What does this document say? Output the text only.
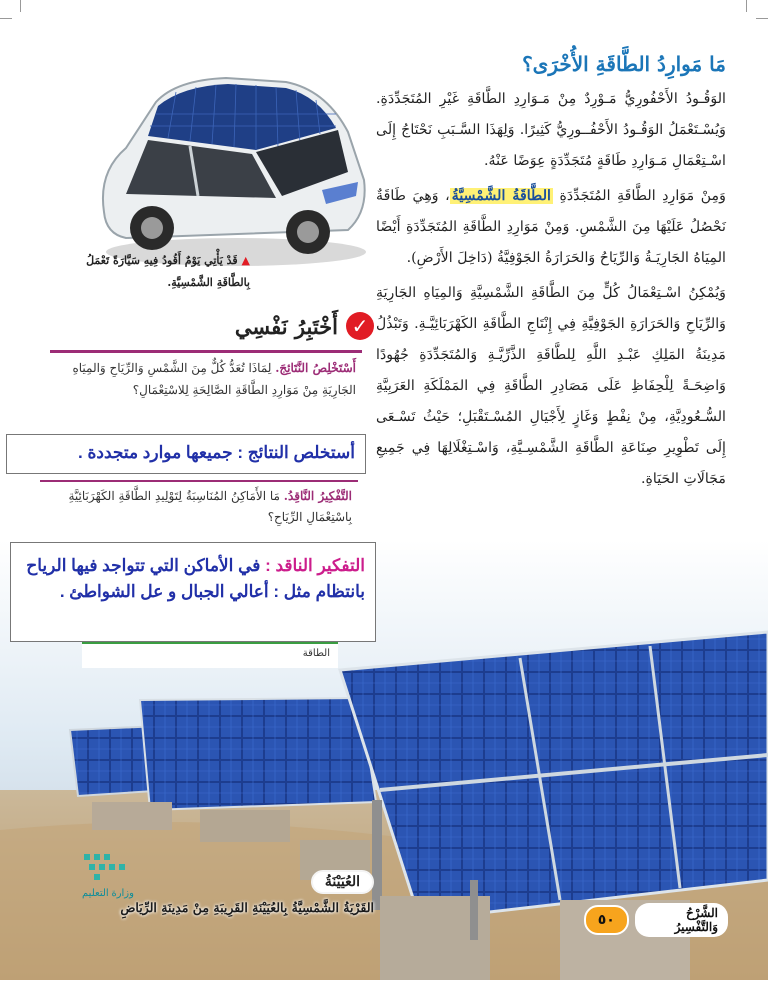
مَا مَوارِدُ الطَّاقَةِ الأُخْرَى؟

الوَقُـودُ الأَحْفُورِيُّ مَـوْرِدٌ مِنْ مَـوَارِدِ الطَّاقَةِ غَيْرِ المُتَجَدِّدَةِ. وَيُسْـتَعْمَلُ الوَقُـودُ الأَحْفُــورِيُّ كَثِيرًا. وَلِهَذَا السَّـبَبِ نَحْتَاجُ إِلَى اسْـتِعْمَالِ مَـوَارِدِ طَاقَةٍ مُتَجَدِّدَةٍ عِوَضًا عَنْهُ.

وَمِنْ مَوَارِدِ الطَّاقَةِ المُتَجَدِّدَةِ الطَّاقَةُ الشَّمْسِيَّةُ، وَهِيَ طَاقَةٌ نَحْصُلُ عَلَيْهَا مِنَ الشَّمْسِ. وَمِنْ مَوَارِدِ الطَّاقَةِ المُتَجَدِّدَةِ أَيْضًا المِيَاهُ الجَارِيَـةُ وَالرِّيَاحُ وَالحَرَارَةُ الجَوْفِيَّةُ (دَاخِلَ الأَرْضِ).

وَيُمْكِنُ اسْـتِعْمَالُ كُلٍّ مِنَ الطَّاقَةِ الشَّمْسِيَّةِ وَالمِيَاهِ الجَارِيَةِ وَالرِّيَاحِ وَالحَرَارَةِ الجَوْفِيَّةِ فِي إِنْتَاجِ الطَّاقَةِ الكَهْرَبَائِيَّـةِ. وَتَبْذُلُ مَدِينَةُ المَلِكِ عَبْـدِ اللَّهِ لِلطَّاقَةِ الذَّرِّيَّـةِ وَالمُتَجَدِّدَةِ جُهُودًا وَاضِحَـةً لِلْحِفَاظِ عَلَى مَصَادِرِ الطَّاقَةِ فِي المَمْلَكَةِ العَرَبِيَّةِ السُّـعُودِيَّةِ، مِنْ نِفْطٍ وَغَازٍ لِأَجْيَالِ المُسْـتَقْبَلِ؛ حَيْثُ تَسْـعَى إِلَى تَطْوِيرِ صِنَاعَةِ الطَّاقَةِ الشَّمْسِـيَّةِ، وَاسْـتِغْلَالِهَا فِي جَمِيعِ مَجَالَاتِ الحَيَاةِ.

▲ قَدْ يَأْتِي يَوْمٌ أَقُودُ فِيهِ سَيَّارَةً تَعْمَلُ بِالطَّاقَةِ الشَّمْسِيَّةِ.
✓
أَخْتَبِرُ نَفْسِي
أَسْتَخْلِصُ النَّتَائِجَ. لِمَاذَا تُعَدُّ كُلٌّ مِنَ الشَّمْسِ وَالرِّيَاحِ وَالمِيَاهِ الجَارِيَةِ مِنْ مَوَارِدِ الطَّاقَةِ الصَّالِحَةِ لِلاسْتِعْمَالِ؟
أستخلص النتائج : جميعها موارد متجددة .
التَّفْكِيرُ النَّاقِدُ. مَا الأَمَاكِنُ المُنَاسِبَةُ لِتَوْلِيدِ الطَّاقَةِ الكَهْرَبَائِيَّةِ بِاسْتِعْمَالِ الرِّيَاحِ؟
التفكير الناقد : في الأماكن التي تتواجد فيها الرياح بانتظام مثل : أعالي الجبال و عل الشواطئ .
الطاقة
وزارة التعليم
العُيَيْنَةُ
القَرْيَةُ الشَّمْسِيَّةُ بِالعُيَيْنَةِ القَرِيبَةِ مِنْ مَدِينَةِ الرِّيَاضِ	الشَّرْحُ وَالتَّفْسِيرُ
٥٠
